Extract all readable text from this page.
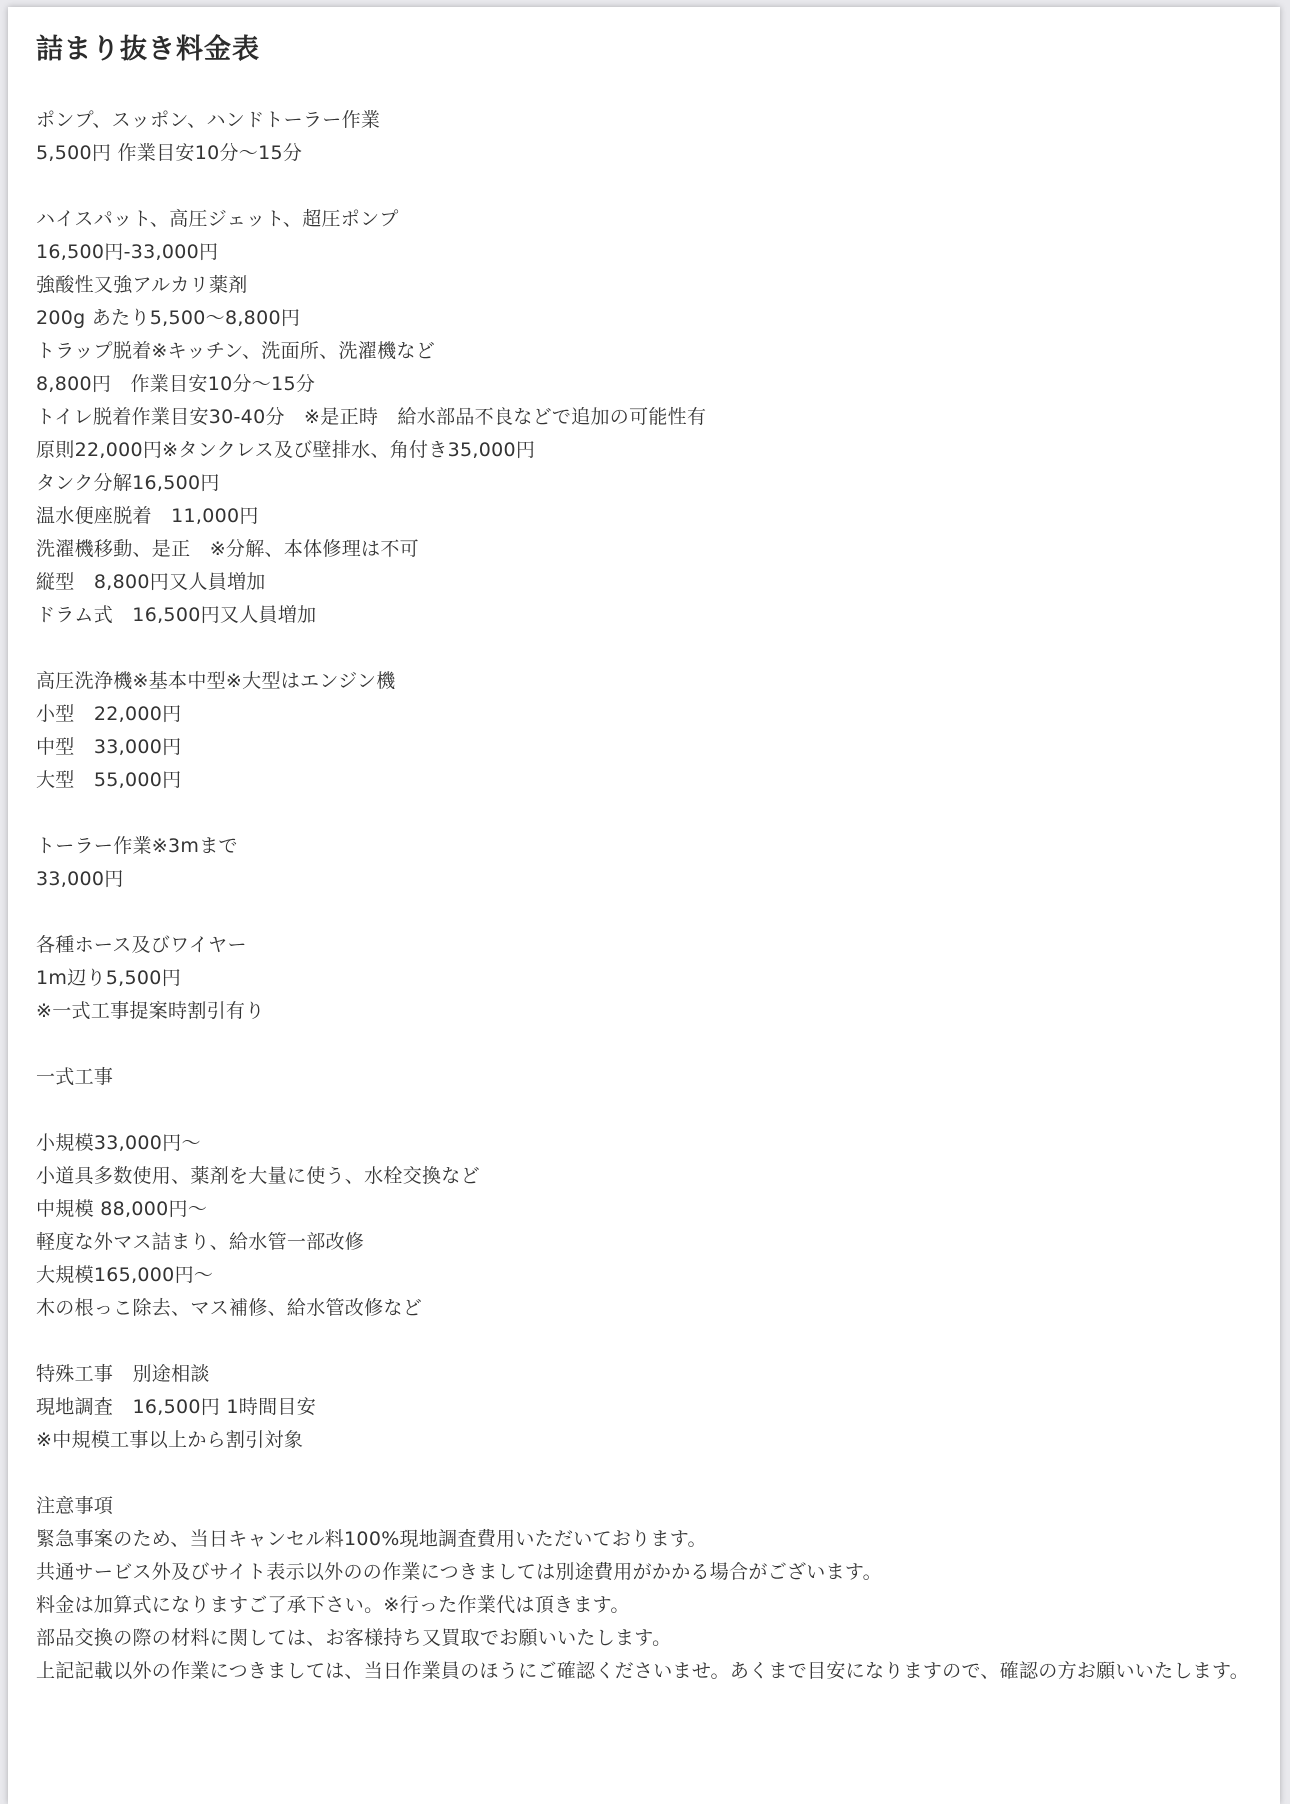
詰まり抜き料金表
ポンプ、スッポン、ハンドトーラー作業
5,500円 作業目安10分〜15分
ハイスパット、高圧ジェット、超圧ポンプ
16,500円-33,000円
強酸性又強アルカリ薬剤
200g あたり5,500〜8,800円
トラップ脱着※キッチン、洗面所、洗濯機など
8,800円　作業目安10分〜15分
トイレ脱着作業目安30-40分　※是正時　給水部品不良などで追加の可能性有
原則22,000円※タンクレス及び壁排水、角付き35,000円
タンク分解16,500円
温水便座脱着　11,000円
洗濯機移動、是正　※分解、本体修理は不可
縦型　8,800円又人員増加
ドラム式　16,500円又人員増加
高圧洗浄機※基本中型※大型はエンジン機
小型　22,000円
中型　33,000円
大型　55,000円
トーラー作業※3mまで
33,000円
各種ホース及びワイヤー
1m辺り5,500円
※一式工事提案時割引有り
一式工事
小規模33,000円〜
小道具多数使用、薬剤を大量に使う、水栓交換など
中規模 88,000円〜
軽度な外マス詰まり、給水管一部改修
大規模165,000円〜
木の根っこ除去、マス補修、給水管改修など
特殊工事　別途相談
現地調査　16,500円 1時間目安
※中規模工事以上から割引対象
注意事項
緊急事案のため、当日キャンセル料100%現地調査費用いただいております。
共通サービス外及びサイト表示以外のの作業につきましては別途費用がかかる場合がございます。
料金は加算式になりますご了承下さい。※行った作業代は頂きます。
部品交換の際の材料に関しては、お客様持ち又買取でお願いいたします。
上記記載以外の作業につきましては、当日作業員のほうにご確認くださいませ。あくまで目安になりますので、確認の方お願いいたします。
